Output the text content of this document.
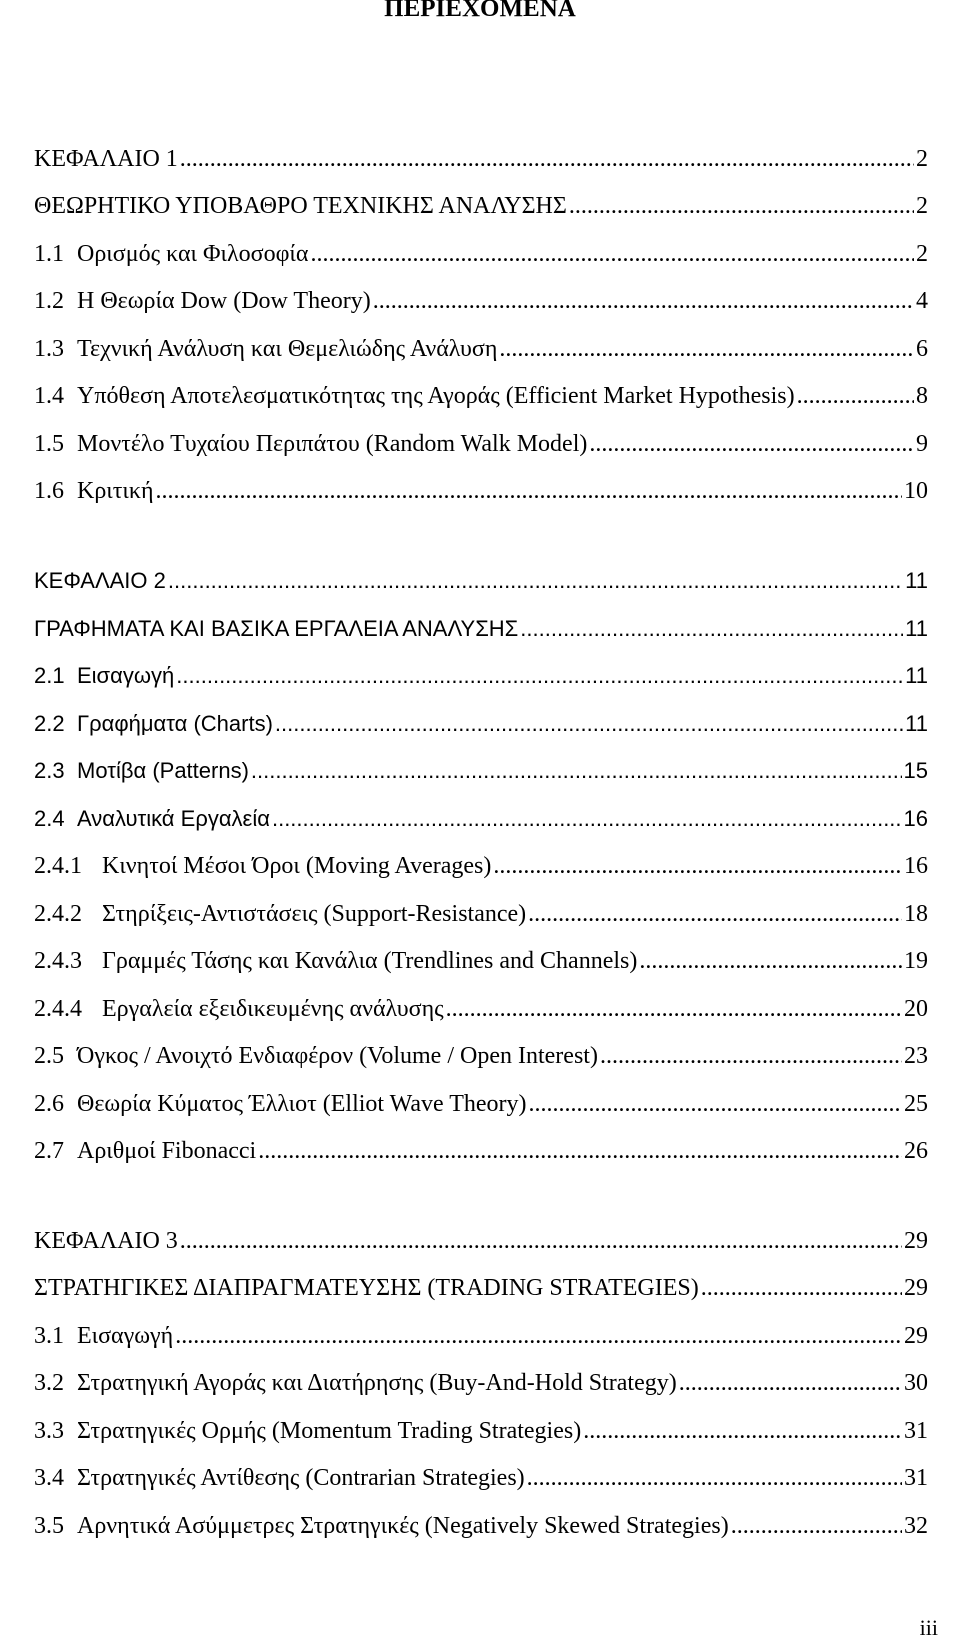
ΠΕΡΙΕΧΟΜΕΝΑ
ΚΕΦΑΛΑΙΟ 1 .....	2
ΘΕΩΡΗΤΙΚΟ ΥΠΟΒΑΘΡΟ ΤΕΧΝΙΚΗΣ ΑΝΑΛΥΣΗΣ .....	2
1.1 Ορισμός και Φιλοσοφία .....	2
1.2 Η Θεωρία Dow (Dow Theory) .....	4
1.3 Τεχνική Ανάλυση και Θεμελιώδης Ανάλυση .....	6
1.4 Υπόθεση Αποτελεσματικότητας της Αγοράς (Efficient Market Hypothesis) .....	8
1.5 Μοντέλο Τυχαίου Περιπάτου (Random Walk Model) .....	9
1.6 Κριτική .....	10
ΚΕΦΑΛΑΙΟ 2 .....	11
ΓΡΑΦΗΜΑΤΑ ΚΑΙ ΒΑΣΙΚΑ ΕΡΓΑΛΕΙΑ ΑΝΑΛΥΣΗΣ .....	11
2.1 Εισαγωγή .....	11
2.2 Γραφήματα (Charts) .....	11
2.3 Μοτίβα (Patterns) .....	15
2.4 Αναλυτικά Εργαλεία .....	16
2.4.1 Κινητοί Μέσοι Όροι (Moving Averages) .....	16
2.4.2 Στηρίξεις-Αντιστάσεις (Support-Resistance) .....	18
2.4.3 Γραμμές Τάσης και Κανάλια (Trendlines and Channels) .....	19
2.4.4 Εργαλεία εξειδικευμένης ανάλυσης .....	20
2.5 Όγκος / Ανοιχτό Ενδιαφέρον (Volume / Open Interest) .....	23
2.6 Θεωρία Κύματος Έλλιοτ (Elliot Wave Theory) .....	25
2.7 Αριθμοί Fibonacci .....	26
ΚΕΦΑΛΑΙΟ 3 .....	29
ΣΤΡΑΤΗΓΙΚΕΣ ΔΙΑΠΡΑΓΜΑΤΕΥΣΗΣ (TRADING STRATEGIES) .....	29
3.1 Εισαγωγή .....	29
3.2 Στρατηγική Αγοράς και Διατήρησης (Buy-And-Hold Strategy) .....	30
3.3 Στρατηγικές Ορμής (Momentum Trading Strategies) .....	31
3.4 Στρατηγικές Αντίθεσης (Contrarian Strategies) .....	31
3.5 Αρνητικά Ασύμμετρες Στρατηγικές (Negatively Skewed Strategies) .....	32
iii
